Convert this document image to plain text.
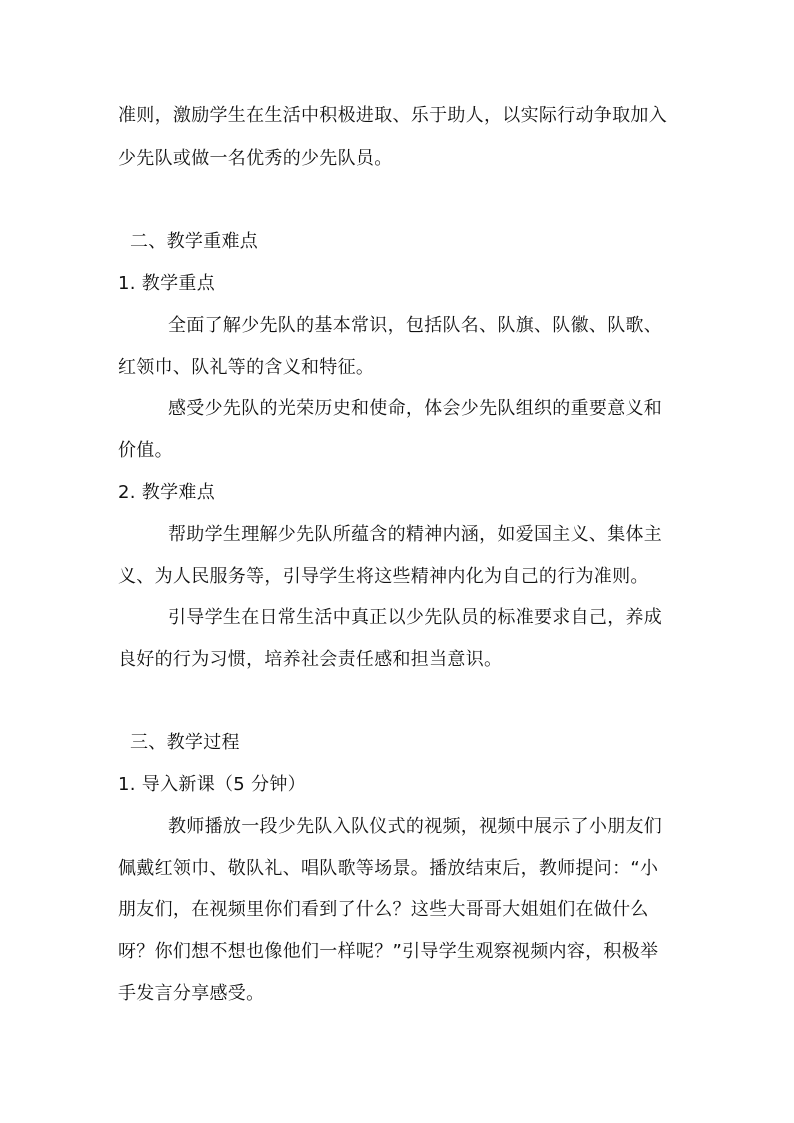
准则，激励学生在生活中积极进取、乐于助人，以实际行动争取加入
少先队或做一名优秀的少先队员。
二、教学重难点
1. 教学重点
全面了解少先队的基本常识，包括队名、队旗、队徽、队歌、
红领巾、队礼等的含义和特征。
感受少先队的光荣历史和使命，体会少先队组织的重要意义和
价值。
2. 教学难点
帮助学生理解少先队所蕴含的精神内涵，如爱国主义、集体主
义、为人民服务等，引导学生将这些精神内化为自己的行为准则。
引导学生在日常生活中真正以少先队员的标准要求自己，养成
良好的行为习惯，培养社会责任感和担当意识。
三、教学过程
1. 导入新课（5 分钟）
教师播放一段少先队入队仪式的视频，视频中展示了小朋友们
佩戴红领巾、敬队礼、唱队歌等场景。播放结束后，教师提问：“小
朋友们，在视频里你们看到了什么？这些大哥哥大姐姐们在做什么
呀？你们想不想也像他们一样呢？”引导学生观察视频内容，积极举
手发言分享感受。
